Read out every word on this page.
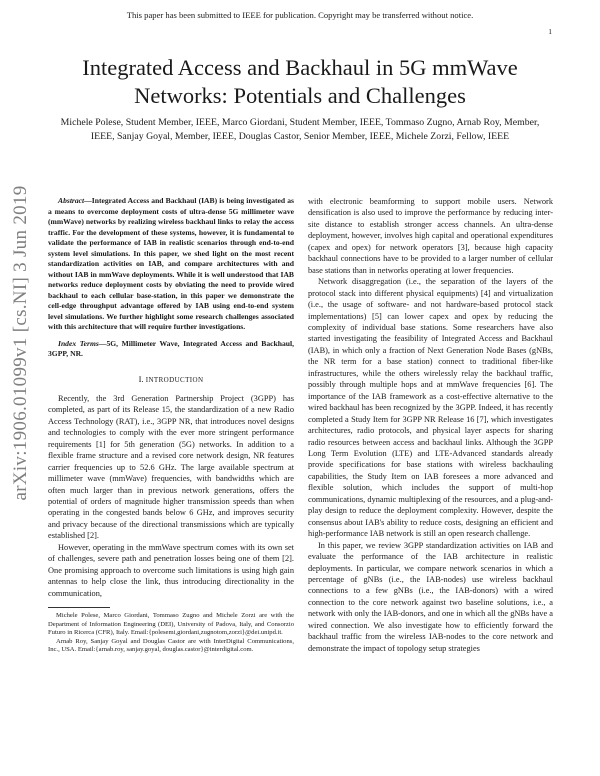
This paper has been submitted to IEEE for publication. Copyright may be transferred without notice.
1
arXiv:1906.01099v1 [cs.NI] 3 Jun 2019
Integrated Access and Backhaul in 5G mmWave Networks: Potentials and Challenges
Michele Polese, Student Member, IEEE, Marco Giordani, Student Member, IEEE, Tommaso Zugno, Arnab Roy, Member, IEEE, Sanjay Goyal, Member, IEEE, Douglas Castor, Senior Member, IEEE, Michele Zorzi, Fellow, IEEE

Abstract—Integrated Access and Backhaul (IAB) is being investigated as a means to overcome deployment costs of ultra-dense 5G millimeter wave (mmWave) networks by realizing wireless backhaul links to relay the access traffic. For the development of these systems, however, it is fundamental to validate the performance of IAB in realistic scenarios through end-to-end system level simulations. In this paper, we shed light on the most recent standardization activities on IAB, and compare architectures with and without IAB in mmWave deployments. While it is well understood that IAB networks reduce deployment costs by obviating the need to provide wired backhaul to each cellular base-station, in this paper we demonstrate the cell-edge throughput advantage offered by IAB using end-to-end system level simulations. We further highlight some research challenges associated with this architecture that will require further investigations.

Index Terms—5G, Millimeter Wave, Integrated Access and Backhaul, 3GPP, NR.

I. INTRODUCTION

Recently, the 3rd Generation Partnership Project (3GPP) has completed, as part of its Release 15, the standardization of a new Radio Access Technology (RAT), i.e., 3GPP NR, that introduces novel designs and technologies to comply with the ever more stringent performance requirements [1] for 5th generation (5G) networks. In addition to a flexible frame structure and a revised core network design, NR features carrier frequencies up to 52.6 GHz. The large available spectrum at millimeter wave (mmWave) frequencies, with bandwidths which are often much larger than in previous network generations, offers the potential of orders of magnitude higher transmission speeds than when operating in the congested bands below 6 GHz, and improves security and privacy because of the directional transmissions which are typically established [2].

However, operating in the mmWave spectrum comes with its own set of challenges, severe path and penetration losses being one of them [2]. One promising approach to overcome such limitations is using high gain antennas to help close the link, thus introducing directionality in the communication,

Michele Polese, Marco Giordani, Tommaso Zugno and Michele Zorzi are with the Department of Information Engineering (DEI), University of Padova, Italy, and Consorzio Futuro in Ricerca (CFR), Italy. Email:{polesemi,giordani,zugnotom,zorzi}@dei.unipd.it.

Arnab Roy, Sanjay Goyal and Douglas Castor are with InterDigital Communications, Inc., USA. Email:{arnab.roy, sanjay.goyal, douglas.castor}@interdigital.com.

with electronic beamforming to support mobile users. Network densification is also used to improve the performance by reducing inter-site distance to establish stronger access channels. An ultra-dense deployment, however, involves high capital and operational expenditures (capex and opex) for network operators [3], because high capacity backhaul connections have to be provided to a larger number of cellular base stations than in networks operating at lower frequencies.

Network disaggregation (i.e., the separation of the layers of the protocol stack into different physical equipments) [4] and virtualization (i.e., the usage of software- and not hardware-based protocol stack implementations) [5] can lower capex and opex by reducing the complexity of individual base stations. Some researchers have also started investigating the feasibility of Integrated Access and Backhaul (IAB), in which only a fraction of Next Generation Node Bases (gNBs, the NR term for a base station) connect to traditional fiber-like infrastructures, while the others wirelessly relay the backhaul traffic, possibly through multiple hops and at mmWave frequencies [6]. The importance of the IAB framework as a cost-effective alternative to the wired backhaul has been recognized by the 3GPP. Indeed, it has recently completed a Study Item for 3GPP NR Release 16 [7], which investigates architectures, radio protocols, and physical layer aspects for sharing radio resources between access and backhaul links. Although the 3GPP Long Term Evolution (LTE) and LTE-Advanced standards already provide specifications for base stations with wireless backhauling capabilities, the Study Item on IAB foresees a more advanced and flexible solution, which includes the support of multi-hop communications, dynamic multiplexing of the resources, and a plug-and-play design to reduce the deployment complexity. However, despite the consensus about IAB's ability to reduce costs, designing an efficient and high-performance IAB network is still an open research challenge.

In this paper, we review 3GPP standardization activities on IAB and evaluate the performance of the IAB architecture in realistic deployments. In particular, we compare network scenarios in which a percentage of gNBs (i.e., the IAB-nodes) use wireless backhaul connections to a few gNBs (i.e., the IAB-donors) with a wired connection to the core network against two baseline solutions, i.e., a network with only the IAB-donors, and one in which all the gNBs have a wired connection. We also investigate how to efficiently forward the backhaul traffic from the wireless IAB-nodes to the core network and demonstrate the impact of topology setup strategies
